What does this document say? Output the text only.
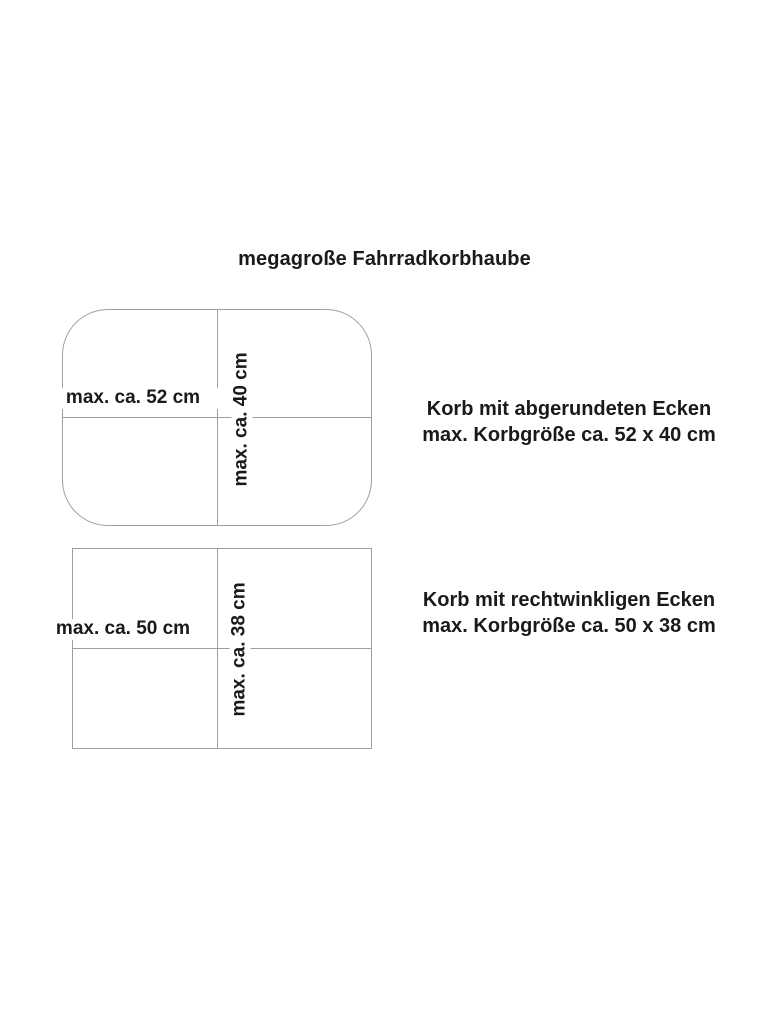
megagroße Fahrradkorbhaube
max. ca. 52 cm	max. ca. 40 cm	Korb mit abgerundeten Ecken
max. Korbgröße ca. 52 x 40 cm
max. ca. 50 cm	max. ca. 38 cm	Korb mit rechtwinkligen Ecken
max. Korbgröße ca. 50 x 38 cm
